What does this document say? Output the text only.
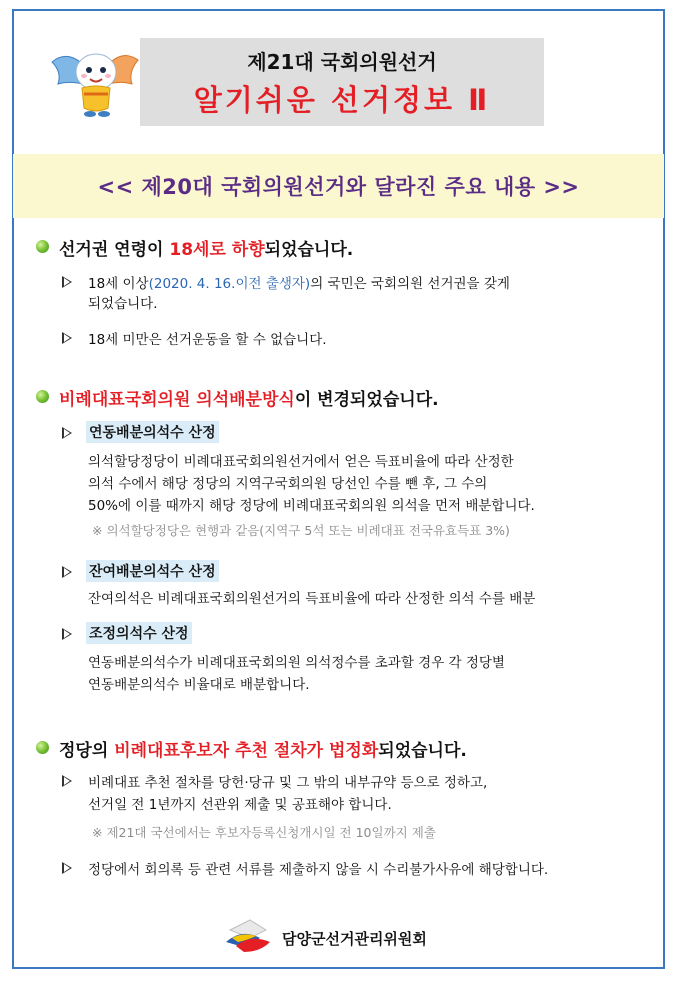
제21대 국회의원선거
알기쉬운 선거정보 Ⅱ
<< 제20대 국회의원선거와 달라진 주요 내용 >>
선거권 연령이 18세로 하향되었습니다.
18세 이상(2020. 4. 16.이전 출생자)의 국민은 국회의원 선거권을 갖게
되었습니다.
18세 미만은 선거운동을 할 수 없습니다.
비례대표국회의원 의석배분방식이 변경되었습니다.
연동배분의석수 산정
의석할당정당이 비례대표국회의원선거에서 얻은 득표비율에 따라 산정한
의석 수에서 해당 정당의 지역구국회의원 당선인 수를 뺀 후, 그 수의
50%에 이를 때까지 해당 정당에 비례대표국회의원 의석을 먼저 배분합니다.
※ 의석할당정당은 현행과 같음(지역구 5석 또는 비례대표 전국유효득표 3%)
잔여배분의석수 산정
잔여의석은 비례대표국회의원선거의 득표비율에 따라 산정한 의석 수를 배분
조정의석수 산정
연동배분의석수가 비례대표국회의원 의석정수를 초과할 경우 각 정당별
연동배분의석수 비율대로 배분합니다.
정당의 비례대표후보자 추천 절차가 법정화되었습니다.
비례대표 추천 절차를 당헌·당규 및 그 밖의 내부규약 등으로 정하고,
선거일 전 1년까지 선관위 제출 및 공표해야 합니다.
※ 제21대 국선에서는 후보자등록신청개시일 전 10일까지 제출
정당에서 회의록 등 관련 서류를 제출하지 않을 시 수리불가사유에 해당합니다.
담양군선거관리위원회
